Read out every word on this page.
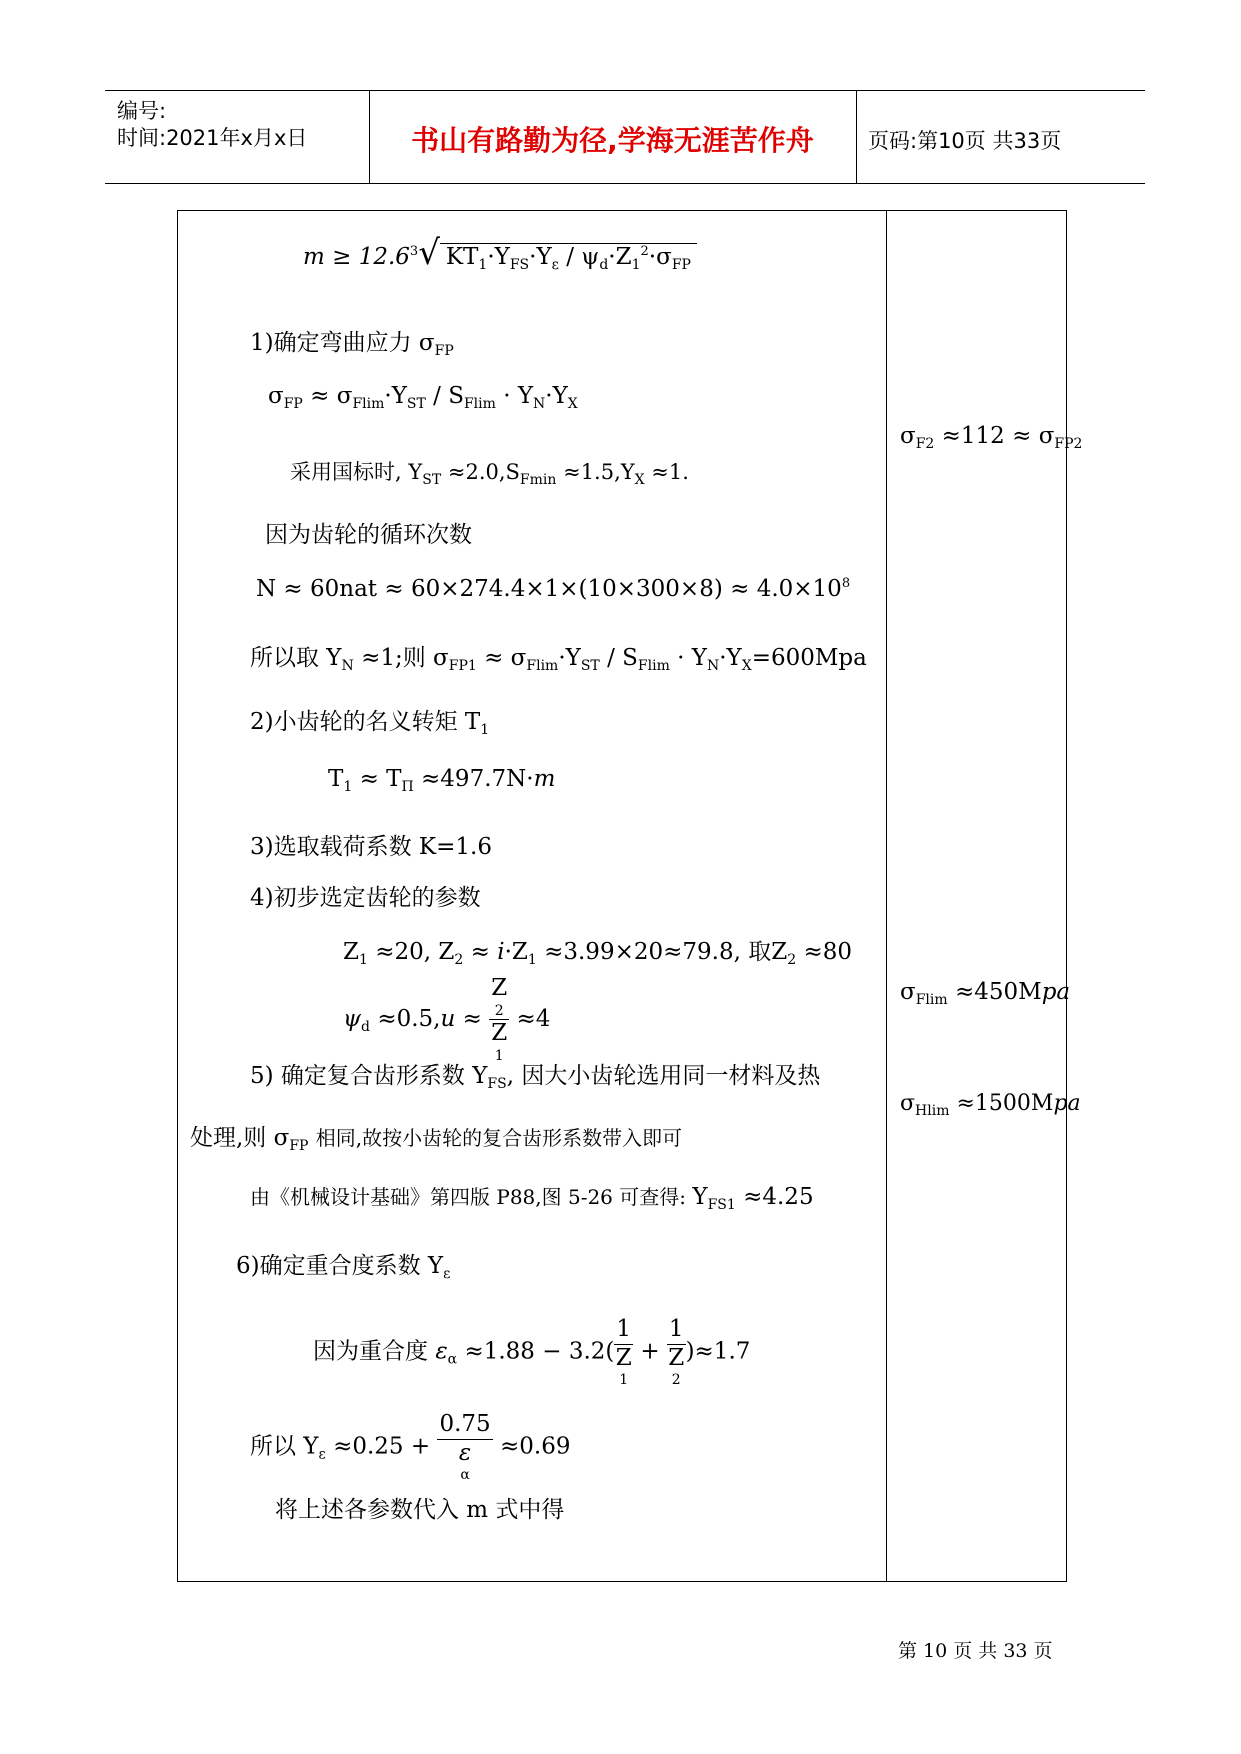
编号:
时间:2021年x月x日	书山有路勤为径,学海无涯苦作舟	页码:第10页 共33页
$m \ge 12.6^3√$ $KT_1\cdot Y_{FS}\cdot Y_\varepsilon / \psi_d\cdot Z_1^2\cdot\sigma_{FP}$
1)确定弯曲应力 $\sigma_{FP}$
$\sigma_{FP} \approx \sigma_{Flim}\cdot Y_{ST} / S_{Flim} \cdot Y_N\cdot Y_X$
采用国标时, $Y_{ST} \approx 2.0,S_{Fmin} \approx 1.5,Y_X \approx 1$.
因为齿轮的循环次数
$N \approx 60nat \approx 60\times 274.4\times 1\times(10\times 300\times 8) \approx 4.0\times 10^8$
所以取 $Y_N \approx 1$;则 $\sigma_{FP1} \approx \sigma_{Flim}\cdot Y_{ST} / S_{Flim} \cdot Y_N\cdot Y_X=600Mpa$
2)小齿轮的名义转矩 $T_1$
$T_1 \approx T_\Pi \approx 497.7N\cdot m$
3)选取载荷系数 K=1.6
4)初步选定齿轮的参数
$Z_1 \approx 20$, $Z_2 \approx i\cdot Z_1 \approx 3.99\times 20\approx 79.8$, 取$Z_2 \approx 80$
$\psi_d \approx 0.5,u \approx Z$
2
Z
1 ≈4
5) 确定复合齿形系数 $Y_{FS}$, 因大小齿轮选用同一材料及热
处理,则 $\sigma_{FP}$ 相同,故按小齿轮的复合齿形系数带入即可
由《机械设计基础》第四版 P88,图 5-26 可查得: $Y_{FS1} \approx 4.25$
6)确定重合度系数 $Y_\varepsilon$
因为重合度 $\varepsilon_\alpha \approx 1.88 - 3.2$( 1
Z
1 + 1
Z
2 )≈1.7
所以 $Y_\varepsilon \approx 0.25 + 0.75$
ε
α ≈0.69
将上述各参数代入 m 式中得
$\sigma_{F2} \approx 112 \approx \sigma_{FP2}$
$\sigma_{Flim} \approx 450Mpa$
$\sigma_{Hlim} \approx 1500Mpa$
第 10 页 共 33 页
